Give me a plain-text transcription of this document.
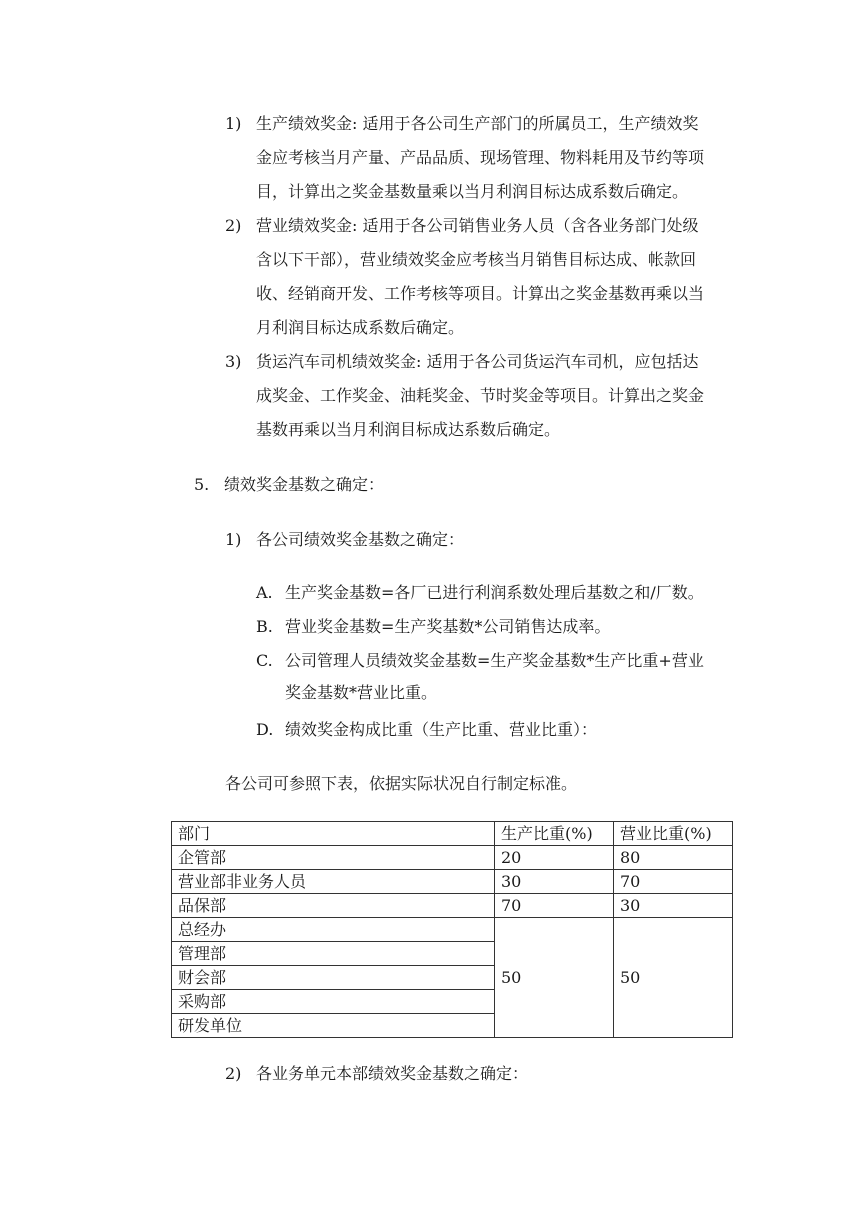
1) 生产绩效奖金: 适用于各公司生产部门的所属员工，生产绩效奖
金应考核当月产量、产品品质、现场管理、物料耗用及节约等项
目，计算出之奖金基数量乘以当月利润目标达成系数后确定。
2) 营业绩效奖金: 适用于各公司销售业务人员（含各业务部门处级
含以下干部），营业绩效奖金应考核当月销售目标达成、帐款回
收、经销商开发、工作考核等项目。计算出之奖金基数再乘以当
月利润目标达成系数后确定。
3) 货运汽车司机绩效奖金: 适用于各公司货运汽车司机，应包括达
成奖金、工作奖金、油耗奖金、节时奖金等项目。计算出之奖金
基数再乘以当月利润目标成达系数后确定。
5. 绩效奖金基数之确定：
1) 各公司绩效奖金基数之确定：
A. 生产奖金基数=各厂已进行利润系数处理后基数之和/厂数。
B. 营业奖金基数=生产奖基数*公司销售达成率。
C. 公司管理人员绩效奖金基数=生产奖金基数*生产比重+营业
奖金基数*营业比重。
D. 绩效奖金构成比重（生产比重、营业比重）：
各公司可参照下表，依据实际状况自行制定标准。
部门	生产比重(%)	营业比重(%)
企管部	20	80
营业部非业务人员	30	70
品保部	70	30
总经办	50	50
管理部		
财会部		
采购部		
研发单位		
2) 各业务单元本部绩效奖金基数之确定：
